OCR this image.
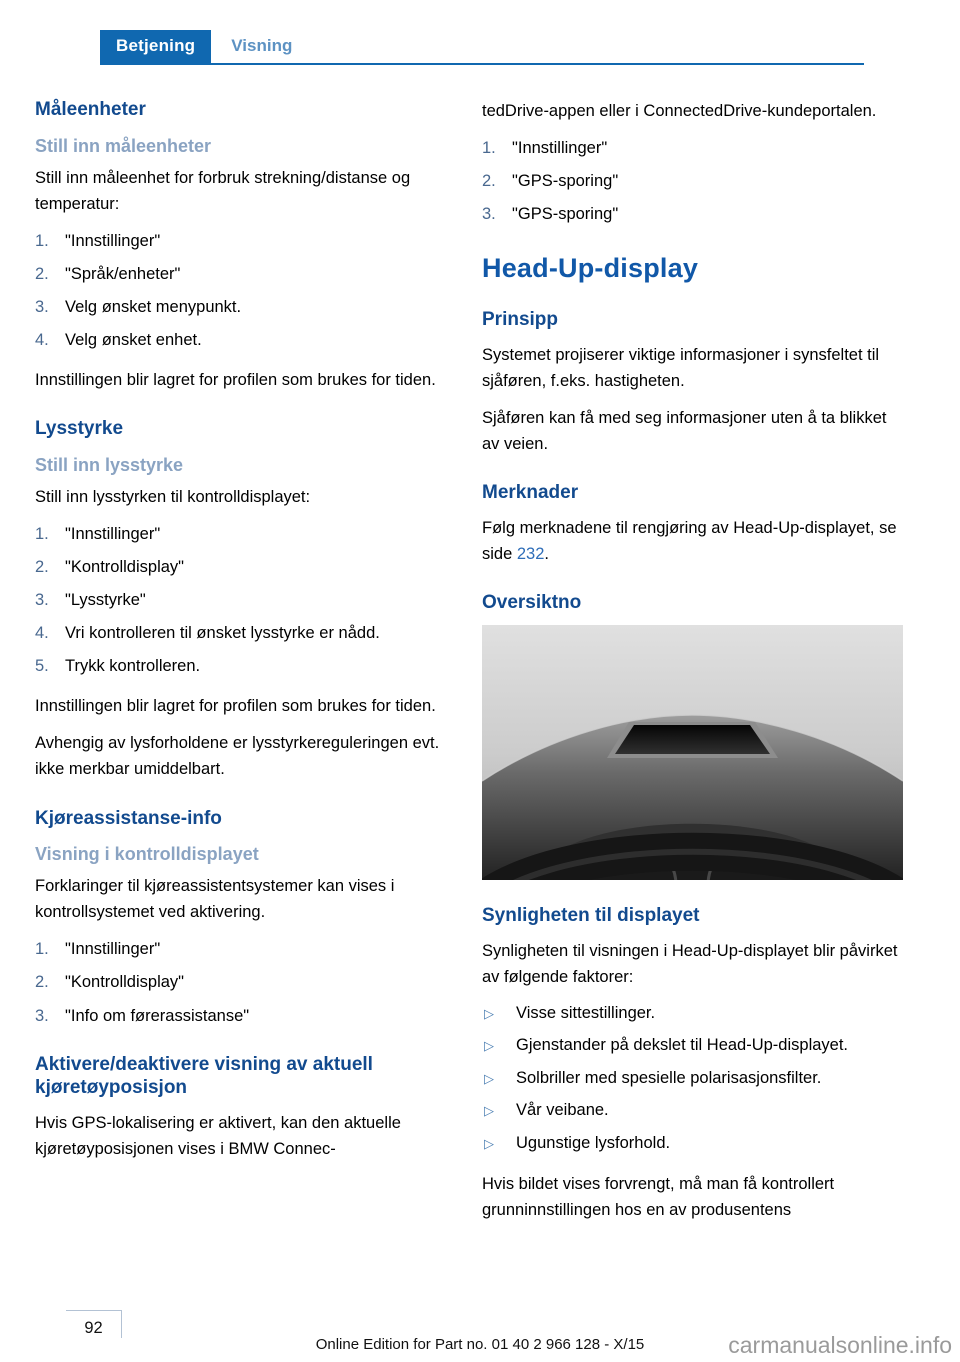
Betjening	Visning
Måleenheter
Still inn måleenheter

Still inn måleenhet for forbruk strekning/distanse og temperatur:

1. "Innstillinger"
2. "Språk/enheter"
3. Velg ønsket menypunkt.
4. Velg ønsket enhet.

Innstillingen blir lagret for profilen som brukes for tiden.

Lysstyrke
Still inn lysstyrke

Still inn lysstyrken til kontrolldisplayet:

1. "Innstillinger"
2. "Kontrolldisplay"
3. "Lysstyrke"
4. Vri kontrolleren til ønsket lysstyrke er nådd.
5. Trykk kontrolleren.

Innstillingen blir lagret for profilen som brukes for tiden.

Avhengig av lysforholdene er lysstyrkereguleringen evt. ikke merkbar umiddelbart.

Kjøreassistanse-info
Visning i kontrolldisplayet

Forklaringer til kjøreassistentsystemer kan vises i kontrollsystemet ved aktivering.

1. "Innstillinger"
2. "Kontrolldisplay"
3. "Info om førerassistanse"
Aktivere/deaktivere visning av aktuell kjøretøyposisjon

Hvis GPS-lokalisering er aktivert, kan den aktuelle kjøretøyposisjonen vises i BMW Connec-

tedDrive-appen eller i ConnectedDrive-kundeportalen.

1. "Innstillinger"
2. "GPS-sporing"
3. "GPS-sporing"
Head-Up-display
Prinsipp

Systemet projiserer viktige informasjoner i synsfeltet til sjåføren, f.eks. hastigheten.

Sjåføren kan få med seg informasjoner uten å ta blikket av veien.

Merknader

Følg merknadene til rengjøring av Head-Up-displayet, se side 232.

Oversiktno
Synligheten til displayet

Synligheten til visningen i Head-Up-displayet blir påvirket av følgende faktorer:

▷	Visse sittestillinger.
▷	Gjenstander på dekslet til Head-Up-displayet.
▷	Solbriller med spesielle polarisasjonsfilter.
▷	Vår veibane.
▷	Ugunstige lysforhold.

Hvis bildet vises forvrengt, må man få kontrollert grunninnstillingen hos en av produsentens

92
Online Edition for Part no. 01 40 2 966 128 - X/15	carmanualsonline.info
